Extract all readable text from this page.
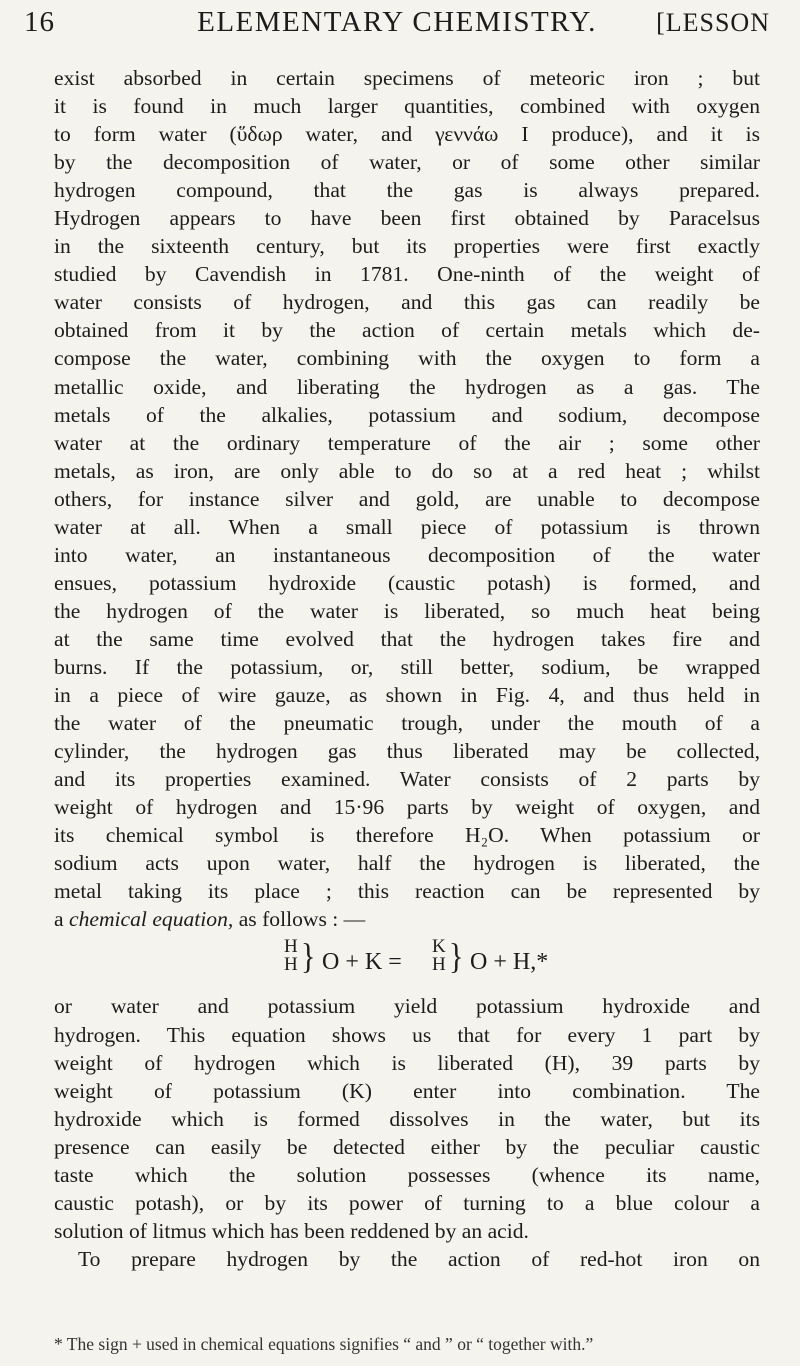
16	ELEMENTARY CHEMISTRY.	[LESSON
exist absorbed in certain specimens of meteoric iron ; but
it is found in much larger quantities, combined with oxygen
to form water (ὕδωρ water, and γεννάω I produce), and it is
by the decomposition of water, or of some other similar
hydrogen compound, that the gas is always prepared.
Hydrogen appears to have been first obtained by Paracelsus
in the sixteenth century, but its properties were first exactly
studied by Cavendish in 1781. One-ninth of the weight of
water consists of hydrogen, and this gas can readily be
obtained from it by the action of certain metals which de-
compose the water, combining with the oxygen to form a
metallic oxide, and liberating the hydrogen as a gas. The
metals of the alkalies, potassium and sodium, decompose
water at the ordinary temperature of the air ; some other
metals, as iron, are only able to do so at a red heat ; whilst
others, for instance silver and gold, are unable to decompose
water at all. When a small piece of potassium is thrown
into water, an instantaneous decomposition of the water
ensues, potassium hydroxide (caustic potash) is formed, and
the hydrogen of the water is liberated, so much heat being
at the same time evolved that the hydrogen takes fire and
burns. If the potassium, or, still better, sodium, be wrapped
in a piece of wire gauze, as shown in Fig. 4, and thus held in
the water of the pneumatic trough, under the mouth of a
cylinder, the hydrogen gas thus liberated may be collected,
and its properties examined. Water consists of 2 parts by
weight of hydrogen and 15·96 parts by weight of oxygen, and
its chemical symbol is therefore H₂O. When potassium or
sodium acts upon water, half the hydrogen is liberated, the
metal taking its place ; this reaction can be represented by
a chemical equation, as follows : —
H
H } O + K =
K
H } O + H,*
or water and potassium yield potassium hydroxide and
hydrogen. This equation shows us that for every 1 part by
weight of hydrogen which is liberated (H), 39 parts by
weight of potassium (K) enter into combination. The
hydroxide which is formed dissolves in the water, but its
presence can easily be detected either by the peculiar caustic
taste which the solution possesses (whence its name,
caustic potash), or by its power of turning to a blue colour a
solution of litmus which has been reddened by an acid.
To prepare hydrogen by the action of red-hot iron on
* The sign + used in chemical equations signifies “ and ” or “ together with.”
